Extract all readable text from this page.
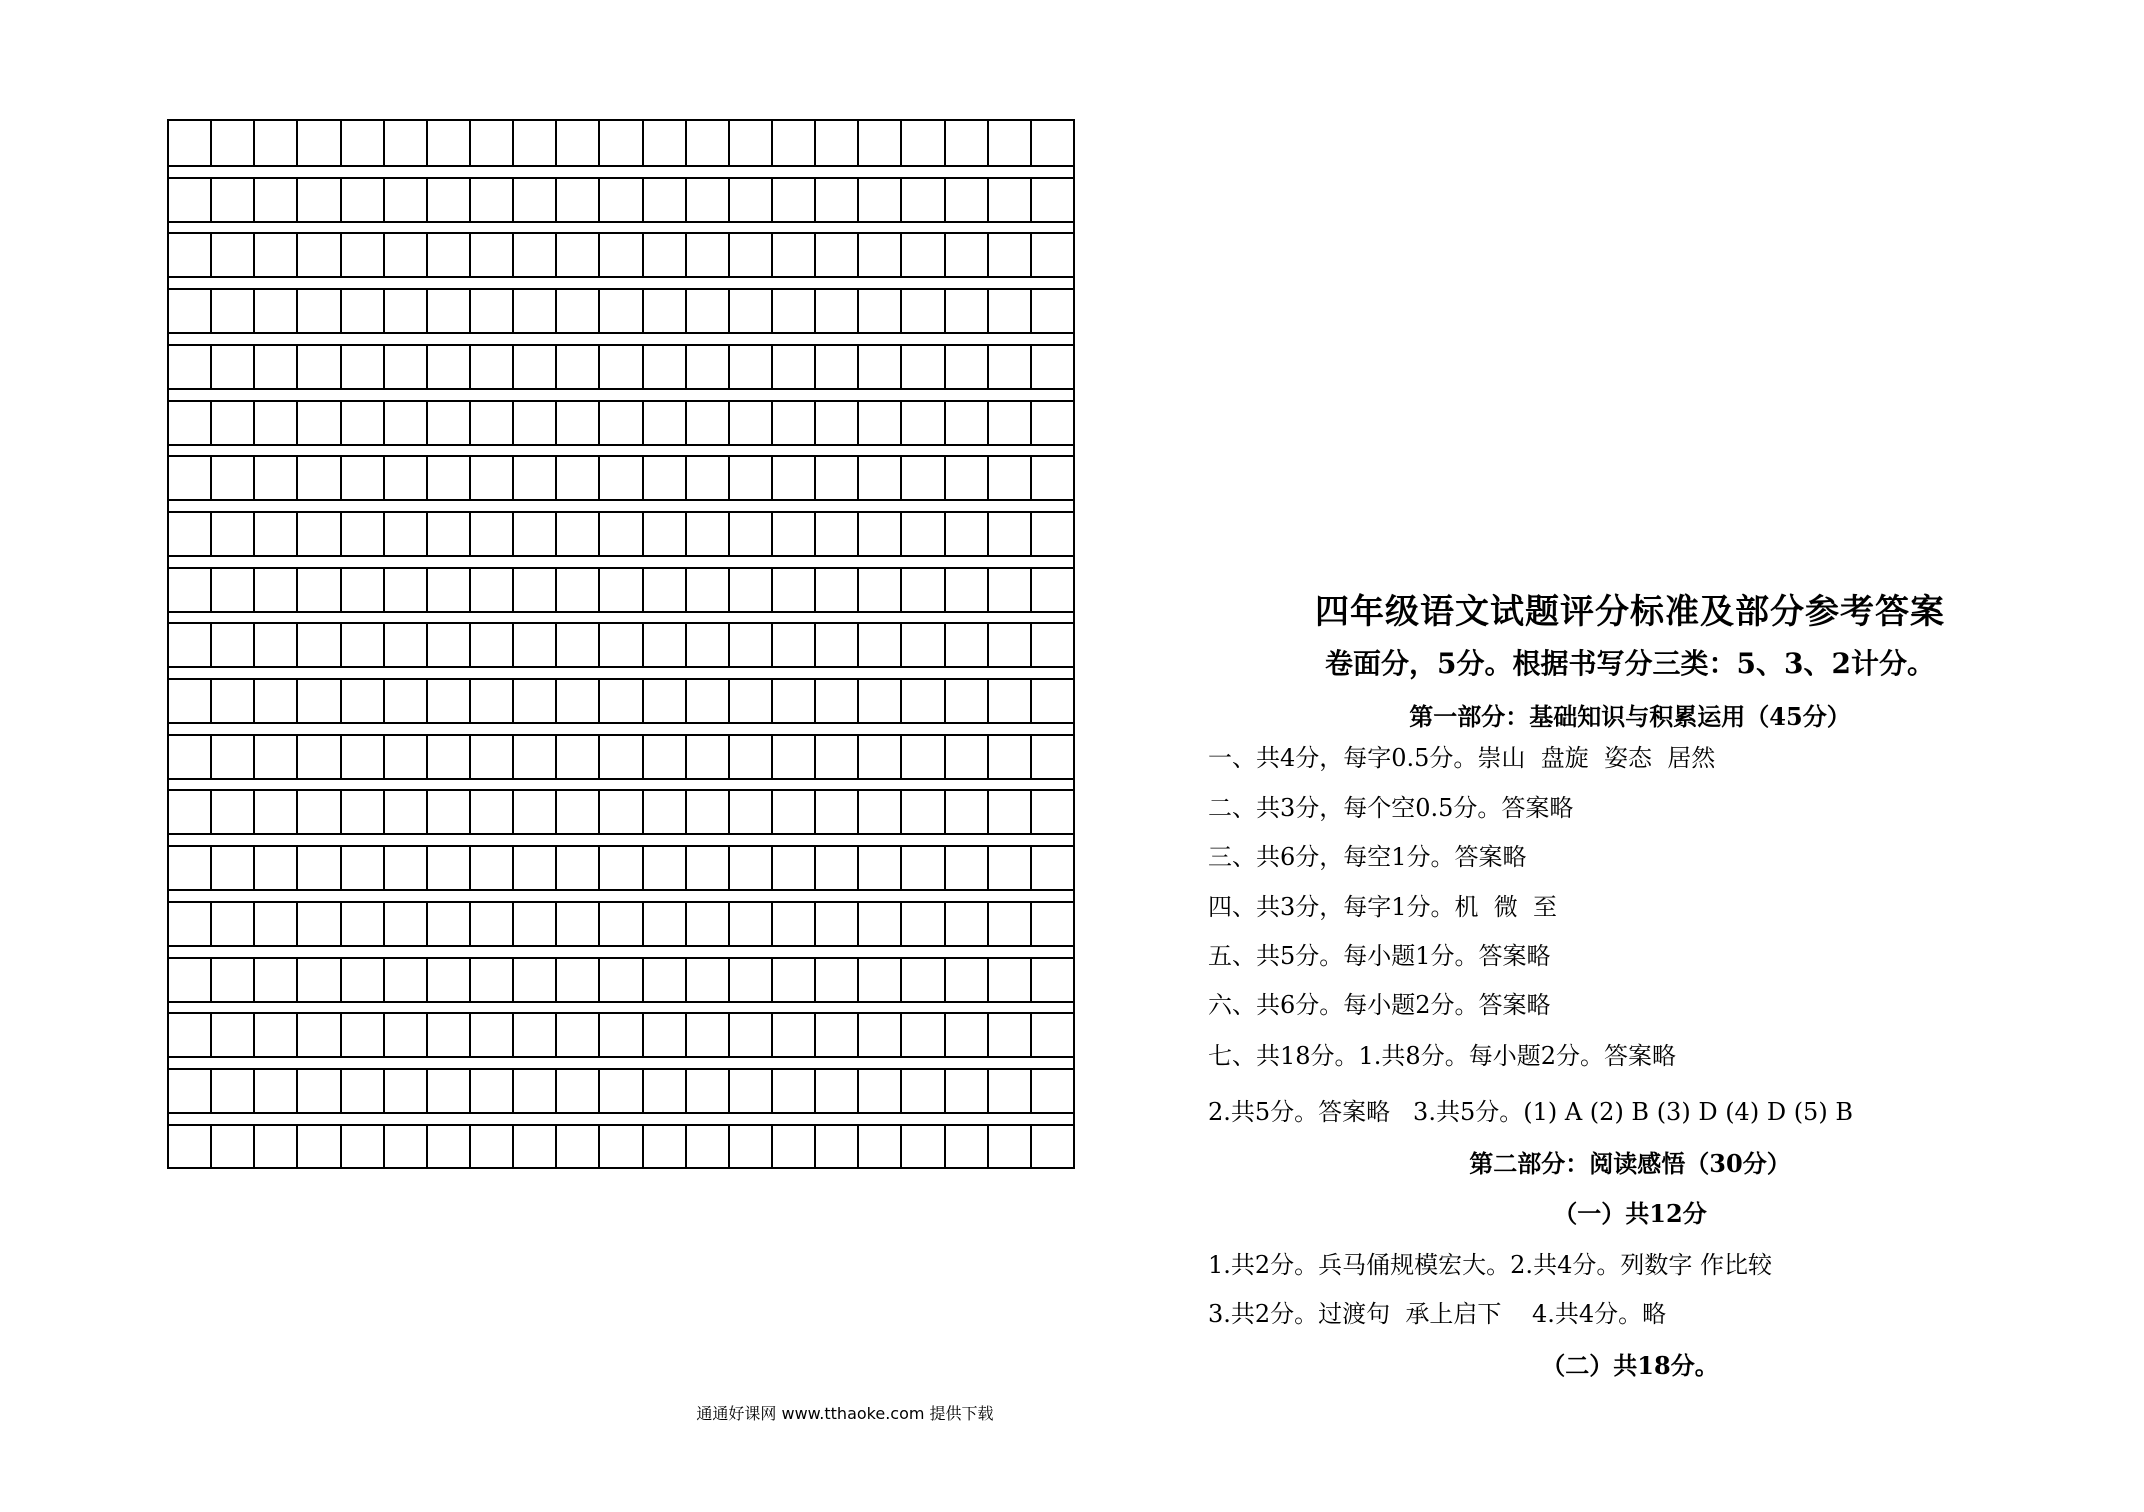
四年级语文试题评分标准及部分参考答案
卷面分，5分。根据书写分三类：5、3、2计分。
第一部分：基础知识与积累运用（45分）
一、共4分，每字0.5分。崇山  盘旋  姿态  居然
二、共3分，每个空0.5分。答案略
三、共6分，每空1分。答案略
四、共3分，每字1分。机  微  至
五、共5分。每小题1分。答案略
六、共6分。每小题2分。答案略
七、共18分。1.共8分。每小题2分。答案略
2.共5分。答案略   3.共5分。(1) A (2) B (3) D (4) D (5) B
第二部分：阅读感悟（30分）
（一）共12分
1.共2分。兵马俑规模宏大。2.共4分。列数字 作比较
3.共2分。过渡句  承上启下    4.共4分。略
（二）共18分。
通通好课网 www.tthaoke.com 提供下载
